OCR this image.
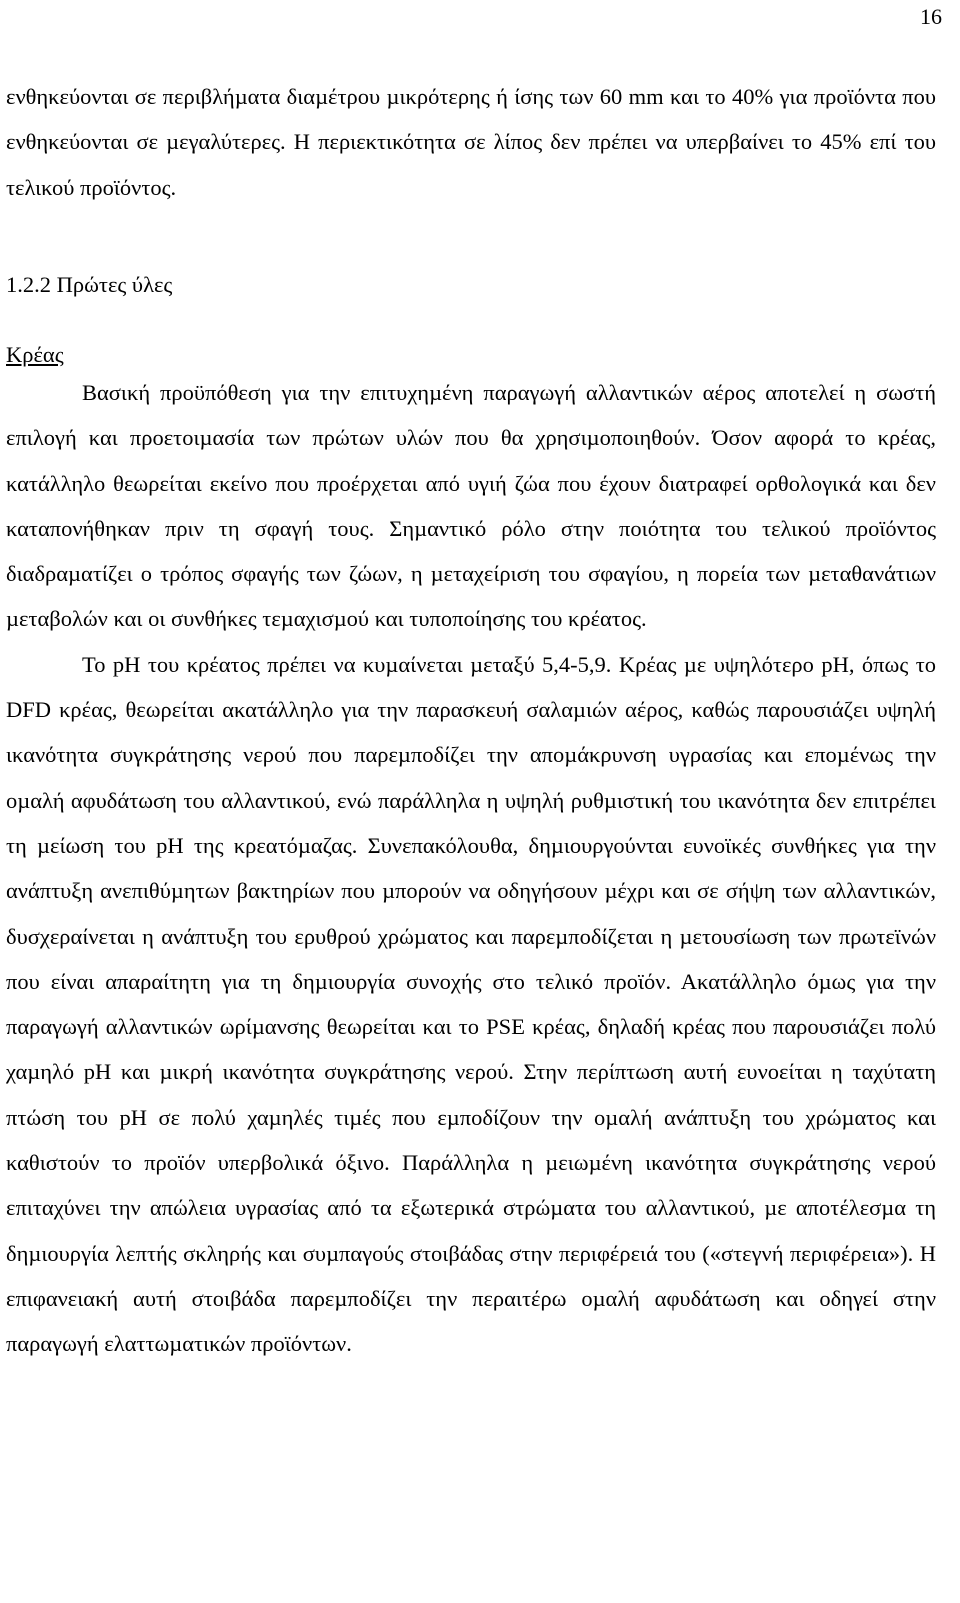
16

ενθηκεύονται σε περιβλήµατα διαµέτρου µικρότερης ή ίσης των 60 mm και το 40% για προϊόντα που ενθηκεύονται σε µεγαλύτερες. Η περιεκτικότητα σε λίπος δεν πρέπει να υπερβαίνει το 45% επί του τελικού προϊόντος.

1.2.2 Πρώτες ύλες
Κρέας

Βασική προϋπόθεση για την επιτυχηµένη παραγωγή αλλαντικών αέρος αποτελεί η σωστή επιλογή και προετοιµασία των πρώτων υλών που θα χρησιµοποιηθούν. Όσον αφορά το κρέας, κατάλληλο θεωρείται εκείνο που προέρχεται από υγιή ζώα που έχουν διατραφεί ορθολογικά και δεν καταπονήθηκαν πριν τη σφαγή τους. Σηµαντικό ρόλο στην ποιότητα του τελικού προϊόντος διαδραµατίζει ο τρόπος σφαγής των ζώων, η µεταχείριση του σφαγίου, η πορεία των µεταθανάτιων µεταβολών και οι συνθήκες τεµαχισµού και τυποποίησης του κρέατος.

Το pH του κρέατος πρέπει να κυµαίνεται µεταξύ 5,4-5,9. Κρέας µε υψηλότερο pH, όπως το DFD κρέας, θεωρείται ακατάλληλο για την παρασκευή σαλαµιών αέρος, καθώς παρουσιάζει υψηλή ικανότητα συγκράτησης νερού που παρεµποδίζει την αποµάκρυνση υγρασίας και εποµένως την οµαλή αφυδάτωση του αλλαντικού, ενώ παράλληλα η υψηλή ρυθµιστική του ικανότητα δεν επιτρέπει τη µείωση του pH της κρεατόµαζας. Συνεπακόλουθα, δηµιουργούνται ευνοϊκές συνθήκες για την ανάπτυξη ανεπιθύµητων βακτηρίων που µπορούν να οδηγήσουν µέχρι και σε σήψη των αλλαντικών, δυσχεραίνεται η ανάπτυξη του ερυθρού χρώµατος και παρεµποδίζεται η µετουσίωση των πρωτεϊνών που είναι απαραίτητη για τη δηµιουργία συνοχής στο τελικό προϊόν. Ακατάλληλο όµως για την παραγωγή αλλαντικών ωρίµανσης θεωρείται και το PSE κρέας, δηλαδή κρέας που παρουσιάζει πολύ χαµηλό pH και µικρή ικανότητα συγκράτησης νερού. Στην περίπτωση αυτή ευνοείται η ταχύτατη πτώση του pH σε πολύ χαµηλές τιµές που εµποδίζουν την οµαλή ανάπτυξη του χρώµατος και καθιστούν το προϊόν υπερβολικά όξινο. Παράλληλα η µειωµένη ικανότητα συγκράτησης νερού επιταχύνει την απώλεια υγρασίας από τα εξωτερικά στρώµατα του αλλαντικού, µε αποτέλεσµα τη δηµιουργία λεπτής σκληρής και συµπαγούς στοιβάδας στην περιφέρειά του («στεγνή περιφέρεια»). Η επιφανειακή αυτή στοιβάδα παρεµποδίζει την περαιτέρω οµαλή αφυδάτωση και οδηγεί στην παραγωγή ελαττωµατικών προϊόντων.
